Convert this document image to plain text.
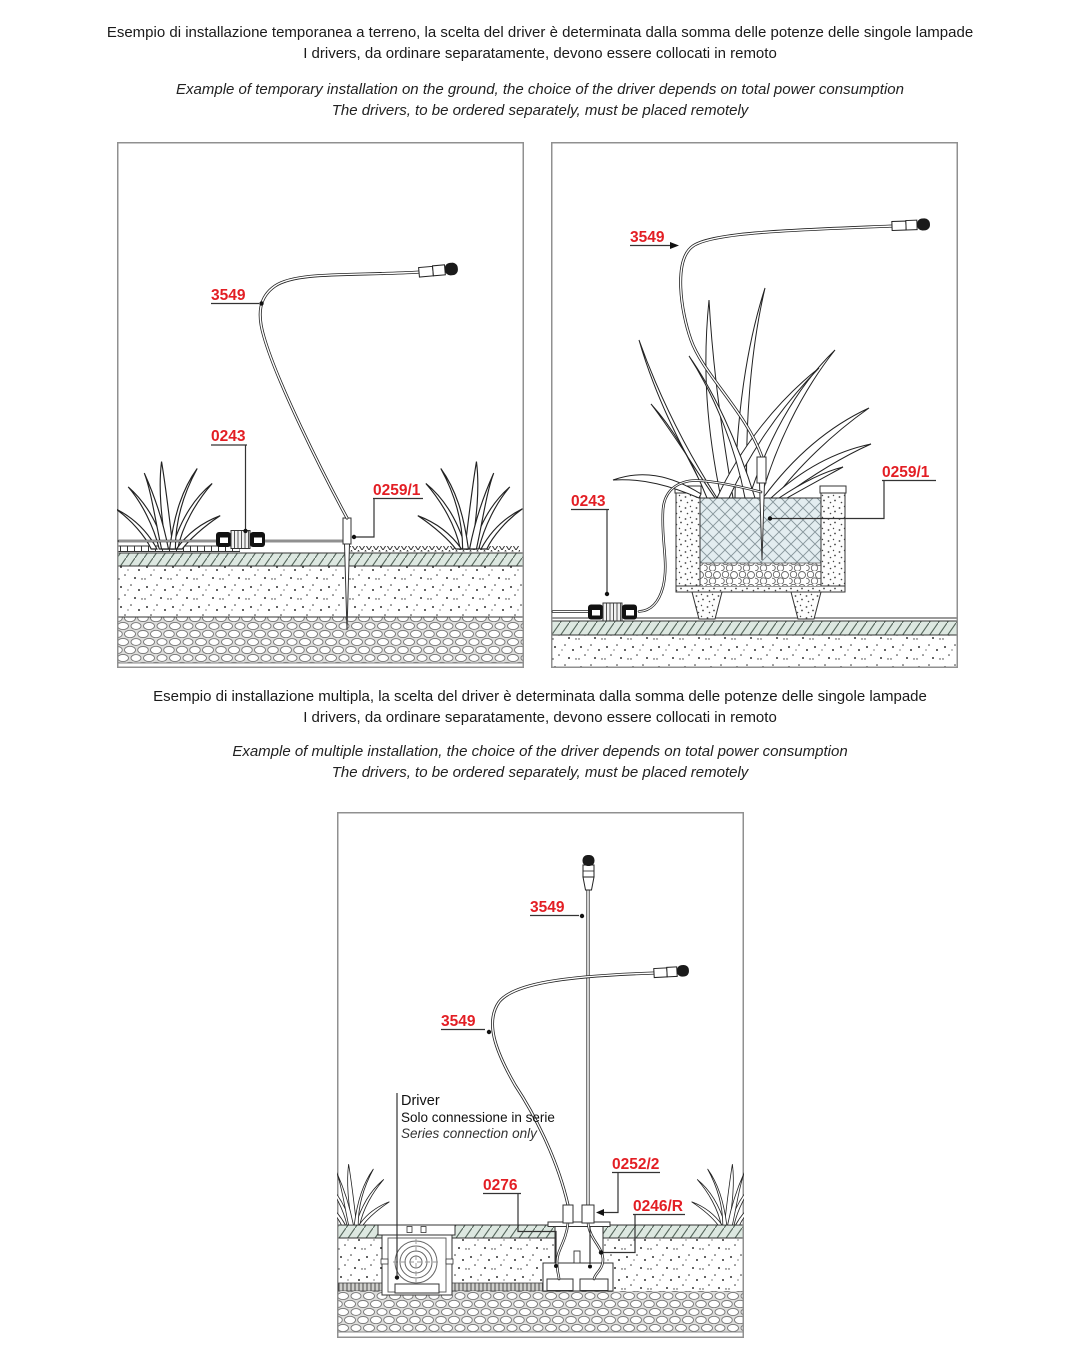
Esempio di installazione temporanea a terreno, la scelta del driver è determinata dalla somma delle potenze delle singole lampade
I drivers, da ordinare separatamente, devono essere collocati in remoto
Example of temporary installation on the ground, the choice of the driver depends on total power consumption
The drivers, to be ordered separately, must be placed remotely
Esempio di installazione multipla, la scelta del driver è determinata dalla somma delle potenze delle singole lampade
I drivers, da ordinare separatamente, devono essere collocati in remoto
Example of multiple installation, the choice of the driver depends on total power consumption
The drivers, to be ordered separately, must be placed remotely
3549
0243
0259/1
3549
0243
0259/1
3549
3549
Driver
Solo connessione in serie
Series connection only
0276
0252/2
0246/R
